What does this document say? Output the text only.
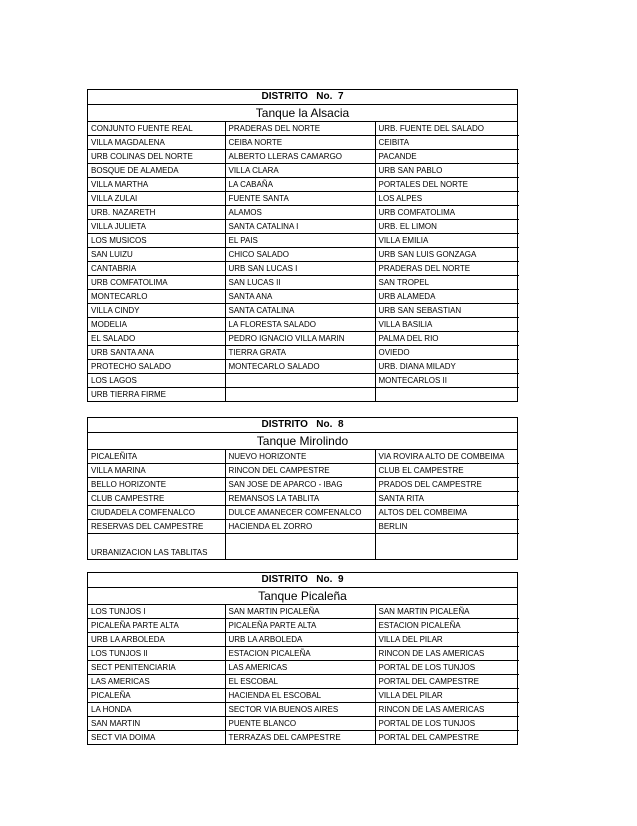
DISTRITO   No.  7
Tanque la Alsacia
CONJUNTO FUENTE REAL	PRADERAS DEL NORTE	URB. FUENTE DEL SALADO
VILLA MAGDALENA	CEIBA NORTE	CEIBITA
URB COLINAS DEL NORTE	ALBERTO LLERAS CAMARGO	PACANDE
BOSQUE DE ALAMEDA	VILLA CLARA	URB SAN PABLO
VILLA MARTHA	LA CABAÑA	PORTALES DEL NORTE
VILLA ZULAI	FUENTE SANTA	LOS ALPES
URB. NAZARETH	ALAMOS	URB COMFATOLIMA
VILLA JULIETA	SANTA CATALINA I	URB. EL LIMON
LOS MUSICOS	EL PAIS	VILLA EMILIA
SAN LUIZU	CHICO SALADO	URB SAN LUIS GONZAGA
CANTABRIA	URB SAN LUCAS I	PRADERAS DEL NORTE
URB COMFATOLIMA	SAN LUCAS II	SAN TROPEL
MONTECARLO	SANTA ANA	URB ALAMEDA
VILLA CINDY	SANTA CATALINA	URB SAN SEBASTIAN
MODELIA	LA FLORESTA SALADO	VILLA BASILIA
EL SALADO	PEDRO IGNACIO VILLA MARIN	PALMA DEL RIO
URB SANTA ANA	TIERRA GRATA	OVIEDO
PROTECHO SALADO	MONTECARLO SALADO	URB. DIANA MILADY
LOS LAGOS		MONTECARLOS II
URB TIERRA FIRME		
DISTRITO   No.  8
Tanque Mirolindo
PICALEÑITA	NUEVO HORIZONTE	VIA ROVIRA ALTO DE COMBEIMA
VILLA MARINA	RINCON DEL CAMPESTRE	CLUB EL CAMPESTRE
BELLO HORIZONTE	SAN JOSE DE APARCO - IBAG	PRADOS DEL CAMPESTRE
CLUB CAMPESTRE	REMANSOS LA TABLITA	SANTA RITA
CIUDADELA COMFENALCO	DULCE AMANECER COMFENALCO	ALTOS DEL COMBEIMA
RESERVAS DEL CAMPESTRE	HACIENDA EL ZORRO	BERLIN
URBANIZACION LAS TABLITAS		
DISTRITO   No.  9
Tanque Picaleña
LOS TUNJOS I	SAN MARTIN PICALEÑA	SAN MARTIN PICALEÑA
PICALEÑA PARTE ALTA	PICALEÑA PARTE ALTA	ESTACION PICALEÑA
URB LA ARBOLEDA	URB LA ARBOLEDA	VILLA DEL PILAR
LOS TUNJOS II	ESTACION PICALEÑA	RINCON DE LAS AMERICAS
SECT PENITENCIARIA	LAS AMERICAS	PORTAL DE LOS TUNJOS
LAS AMERICAS	EL ESCOBAL	PORTAL DEL CAMPESTRE
PICALEÑA	HACIENDA EL ESCOBAL	VILLA DEL PILAR
LA HONDA	SECTOR VIA BUENOS AIRES	RINCON DE LAS AMERICAS
SAN MARTIN	PUENTE BLANCO	PORTAL DE LOS TUNJOS
SECT VIA DOIMA	TERRAZAS DEL CAMPESTRE	PORTAL DEL CAMPESTRE
